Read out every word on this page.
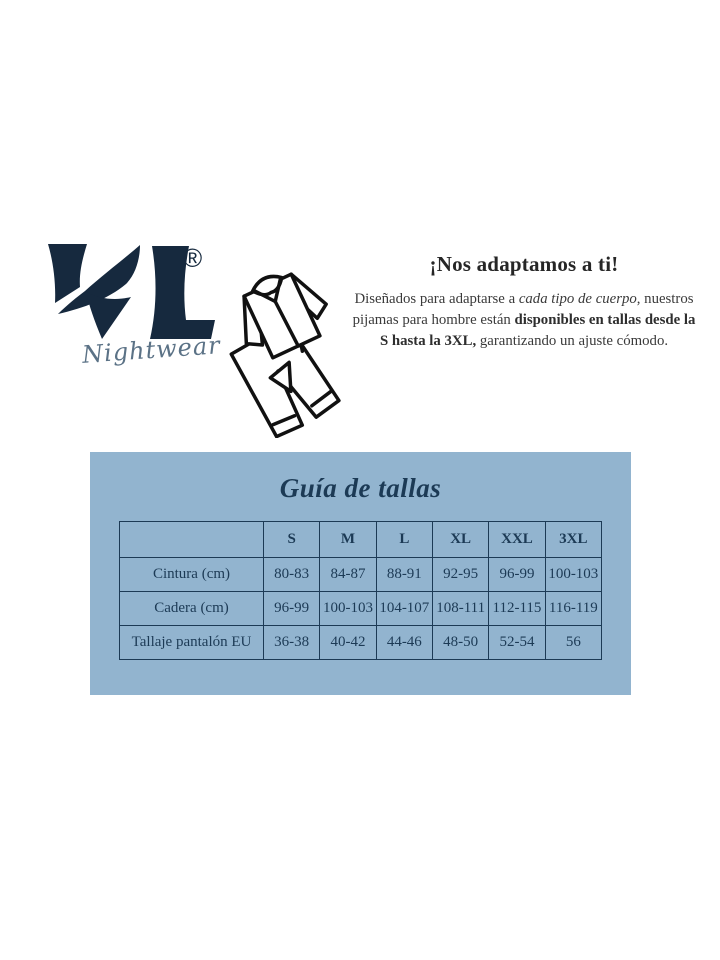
®
Nightwear
¡Nos adaptamos a ti!

Diseñados para adaptarse a cada tipo de cuerpo, nuestros pijamas para hombre están disponibles en tallas desde la S hasta la 3XL, garantizando un ajuste cómodo.

Guía de tallas
	S	M	L	XL	XXL	3XL
Cintura (cm)	80-83	84-87	88-91	92-95	96-99	100-103
Cadera (cm)	96-99	100-103	104-107	108-111	112-115	116-119
Tallaje pantalón EU	36-38	40-42	44-46	48-50	52-54	56
